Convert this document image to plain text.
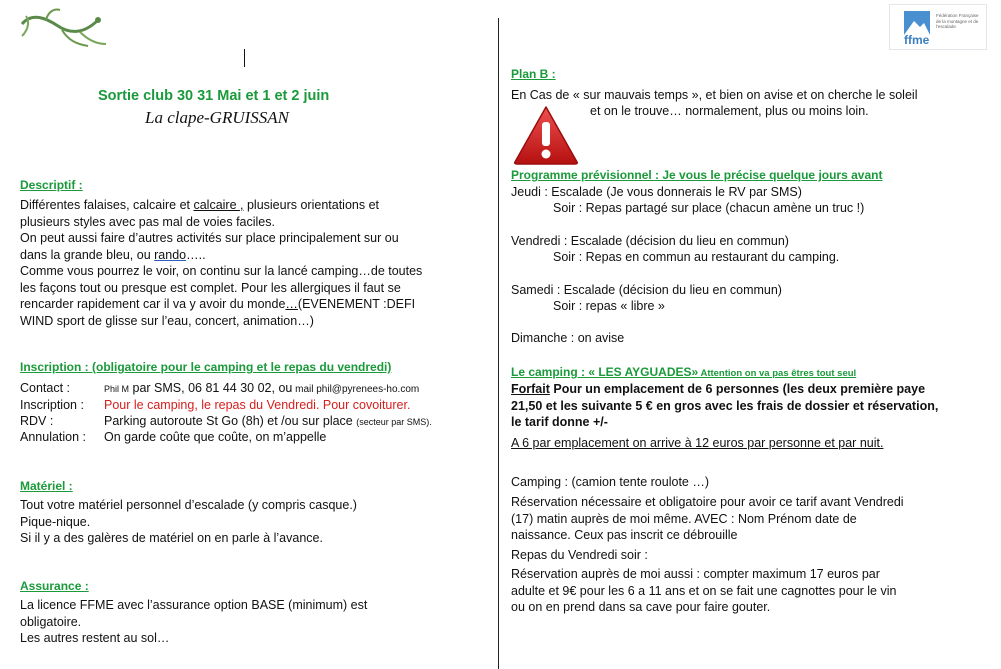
ffme
Fédération Française de la montagne et de l'escalade
Sortie club 30 31 Mai et 1 et 2 juin
La clape-GRUISSAN
Descriptif :
Différentes falaises, calcaire et calcaire , plusieurs orientations et
plusieurs styles avec pas mal de voies faciles.
On peut aussi faire d’autres activités sur place principalement sur ou
dans la grande bleu, ou rando…..
Comme vous pourrez le voir, on continu sur la lancé camping…de toutes
les façons tout ou presque est complet. Pour les allergiques il faut se
rencarder rapidement car il va y avoir du monde…(EVENEMENT :DEFI
WIND sport de glisse sur l’eau, concert, animation…)
Inscription : (obligatoire pour le camping et le repas du vendredi)
Contact :	Phil M par SMS, 06 81 44 30 02, ou mail phil@pyrenees-ho.com
Inscription : Pour le camping, le repas du Vendredi. Pour covoiturer.
RDV :	Parking autoroute St Go (8h) et /ou sur place (secteur par SMS).
Annulation : On garde coûte que coûte, on m’appelle
Matériel :
Tout votre matériel personnel d’escalade (y compris casque.)
Pique-nique.
Si il y a des galères de matériel on en parle à l’avance.
Assurance :
La licence FFME avec l’assurance option BASE (minimum) est
obligatoire.
Les autres restent au sol…
Plan B :
En Cas de « sur mauvais temps », et bien on avise et on cherche le soleil
et on le trouve… normalement, plus ou moins loin.
Programme prévisionnel : Je vous le précise quelque jours avant
Jeudi : Escalade (Je vous donnerais le RV par SMS)
Soir : Repas partagé sur place (chacun amène un truc !)
Vendredi : Escalade (décision du lieu en commun)
Soir : Repas en commun au restaurant du camping.
Samedi : Escalade (décision du lieu en commun)
Soir : repas « libre »
Dimanche : on avise
Le camping : « LES AYGUADES» Attention on va pas êtres tout seul
Forfait Pour un emplacement de 6 personnes (les deux première paye
21,50 et les suivante 5 € en gros avec les frais de dossier et réservation,
le tarif donne +/-
A 6 par emplacement on arrive à 12 euros par personne et par nuit.
Camping : (camion tente roulote …)
Réservation nécessaire et obligatoire pour avoir ce tarif avant Vendredi
(17) matin auprès de moi même. AVEC : Nom Prénom date de
naissance. Ceux pas inscrit ce débrouille
Repas du Vendredi soir :
Réservation auprès de moi aussi : compter maximum 17 euros par
adulte et 9€ pour les 6 a 11 ans et on se fait une cagnottes pour le vin
ou on en prend dans sa cave pour faire gouter.
